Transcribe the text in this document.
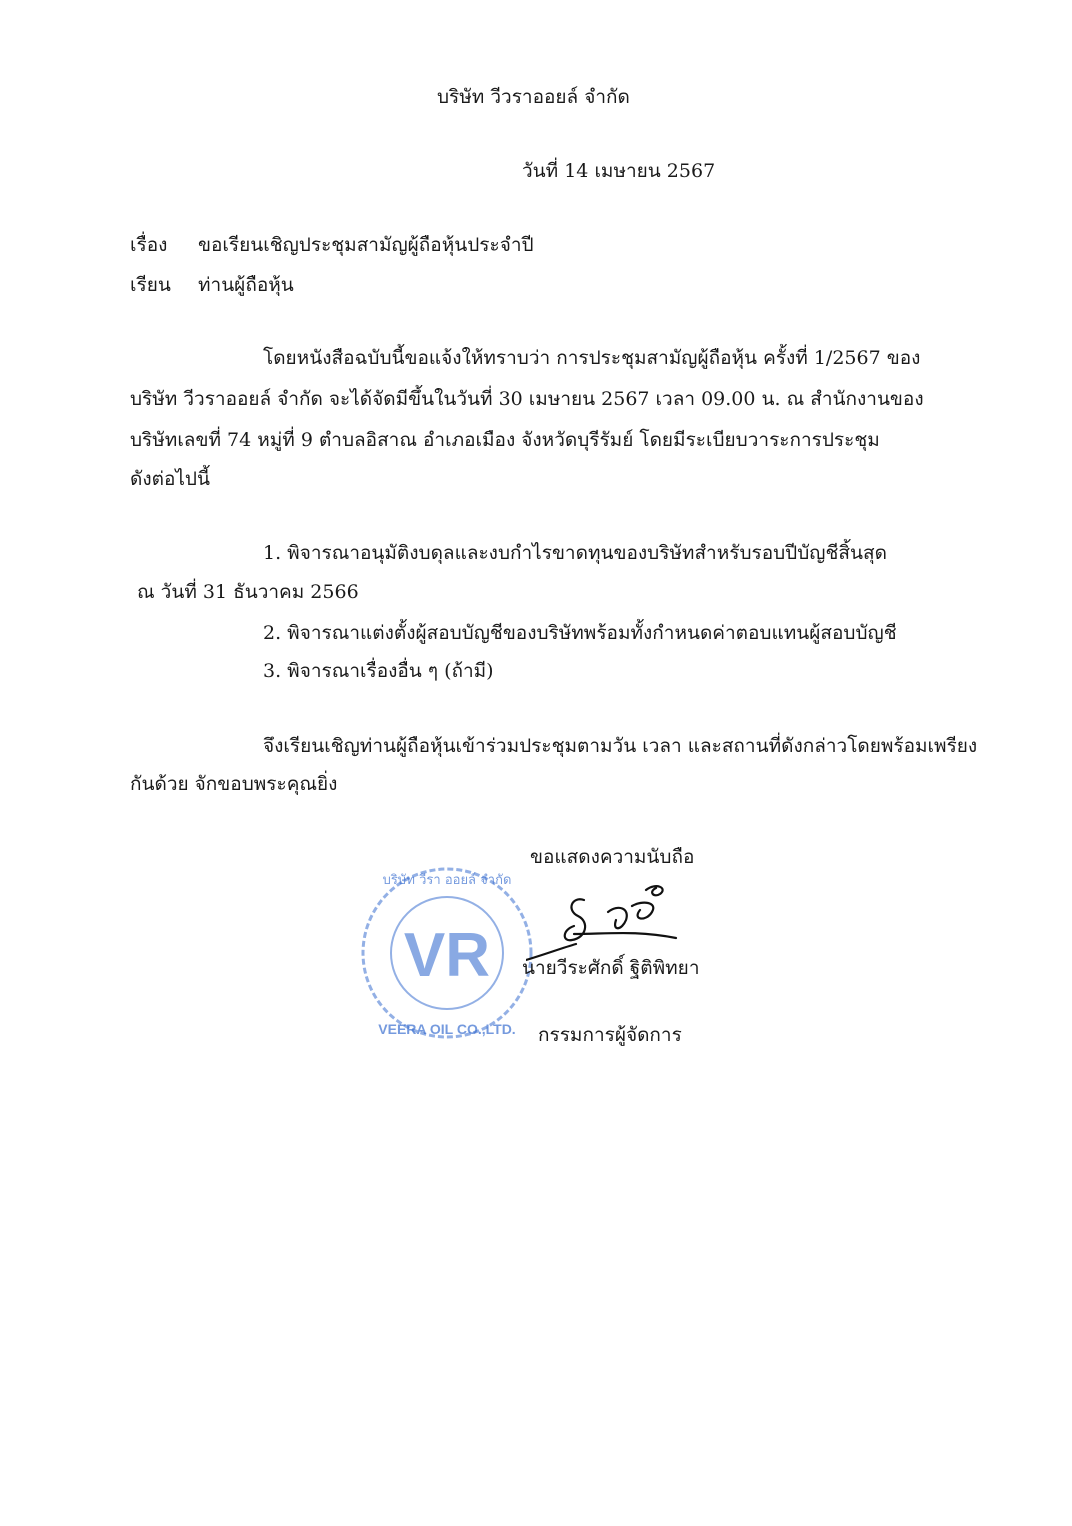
บริษัท วีวราออยล์ จำกัด
วันที่ 14 เมษายน 2567
เรื่อง ขอเรียนเชิญประชุมสามัญผู้ถือหุ้นประจำปี
เรียน ท่านผู้ถือหุ้น
โดยหนังสือฉบับนี้ขอแจ้งให้ทราบว่า การประชุมสามัญผู้ถือหุ้น ครั้งที่ 1/2567 ของ
บริษัท วีวราออยล์ จำกัด จะได้จัดมีขึ้นในวันที่ 30 เมษายน 2567 เวลา 09.00 น. ณ สำนักงานของ
บริษัทเลขที่ 74 หมู่ที่ 9 ตำบลอิสาณ อำเภอเมือง จังหวัดบุรีรัมย์ โดยมีระเบียบวาระการประชุม
ดังต่อไปนี้
1. พิจารณาอนุมัติงบดุลและงบกำไรขาดทุนของบริษัทสำหรับรอบปีบัญชีสิ้นสุด
ณ วันที่ 31 ธันวาคม 2566
2. พิจารณาแต่งตั้งผู้สอบบัญชีของบริษัทพร้อมทั้งกำหนดค่าตอบแทนผู้สอบบัญชี
3. พิจารณาเรื่องอื่น ๆ (ถ้ามี)
จึงเรียนเชิญท่านผู้ถือหุ้นเข้าร่วมประชุมตามวัน เวลา และสถานที่ดังกล่าวโดยพร้อมเพรียง
กันด้วย จักขอบพระคุณยิ่ง
ขอแสดงความนับถือ
VR
บริษัท วีรา ออยล์ จำกัด
VEERA OIL CO.,LTD.
นายวีระศักดิ์ ฐิติพิทยา
กรรมการผู้จัดการ
